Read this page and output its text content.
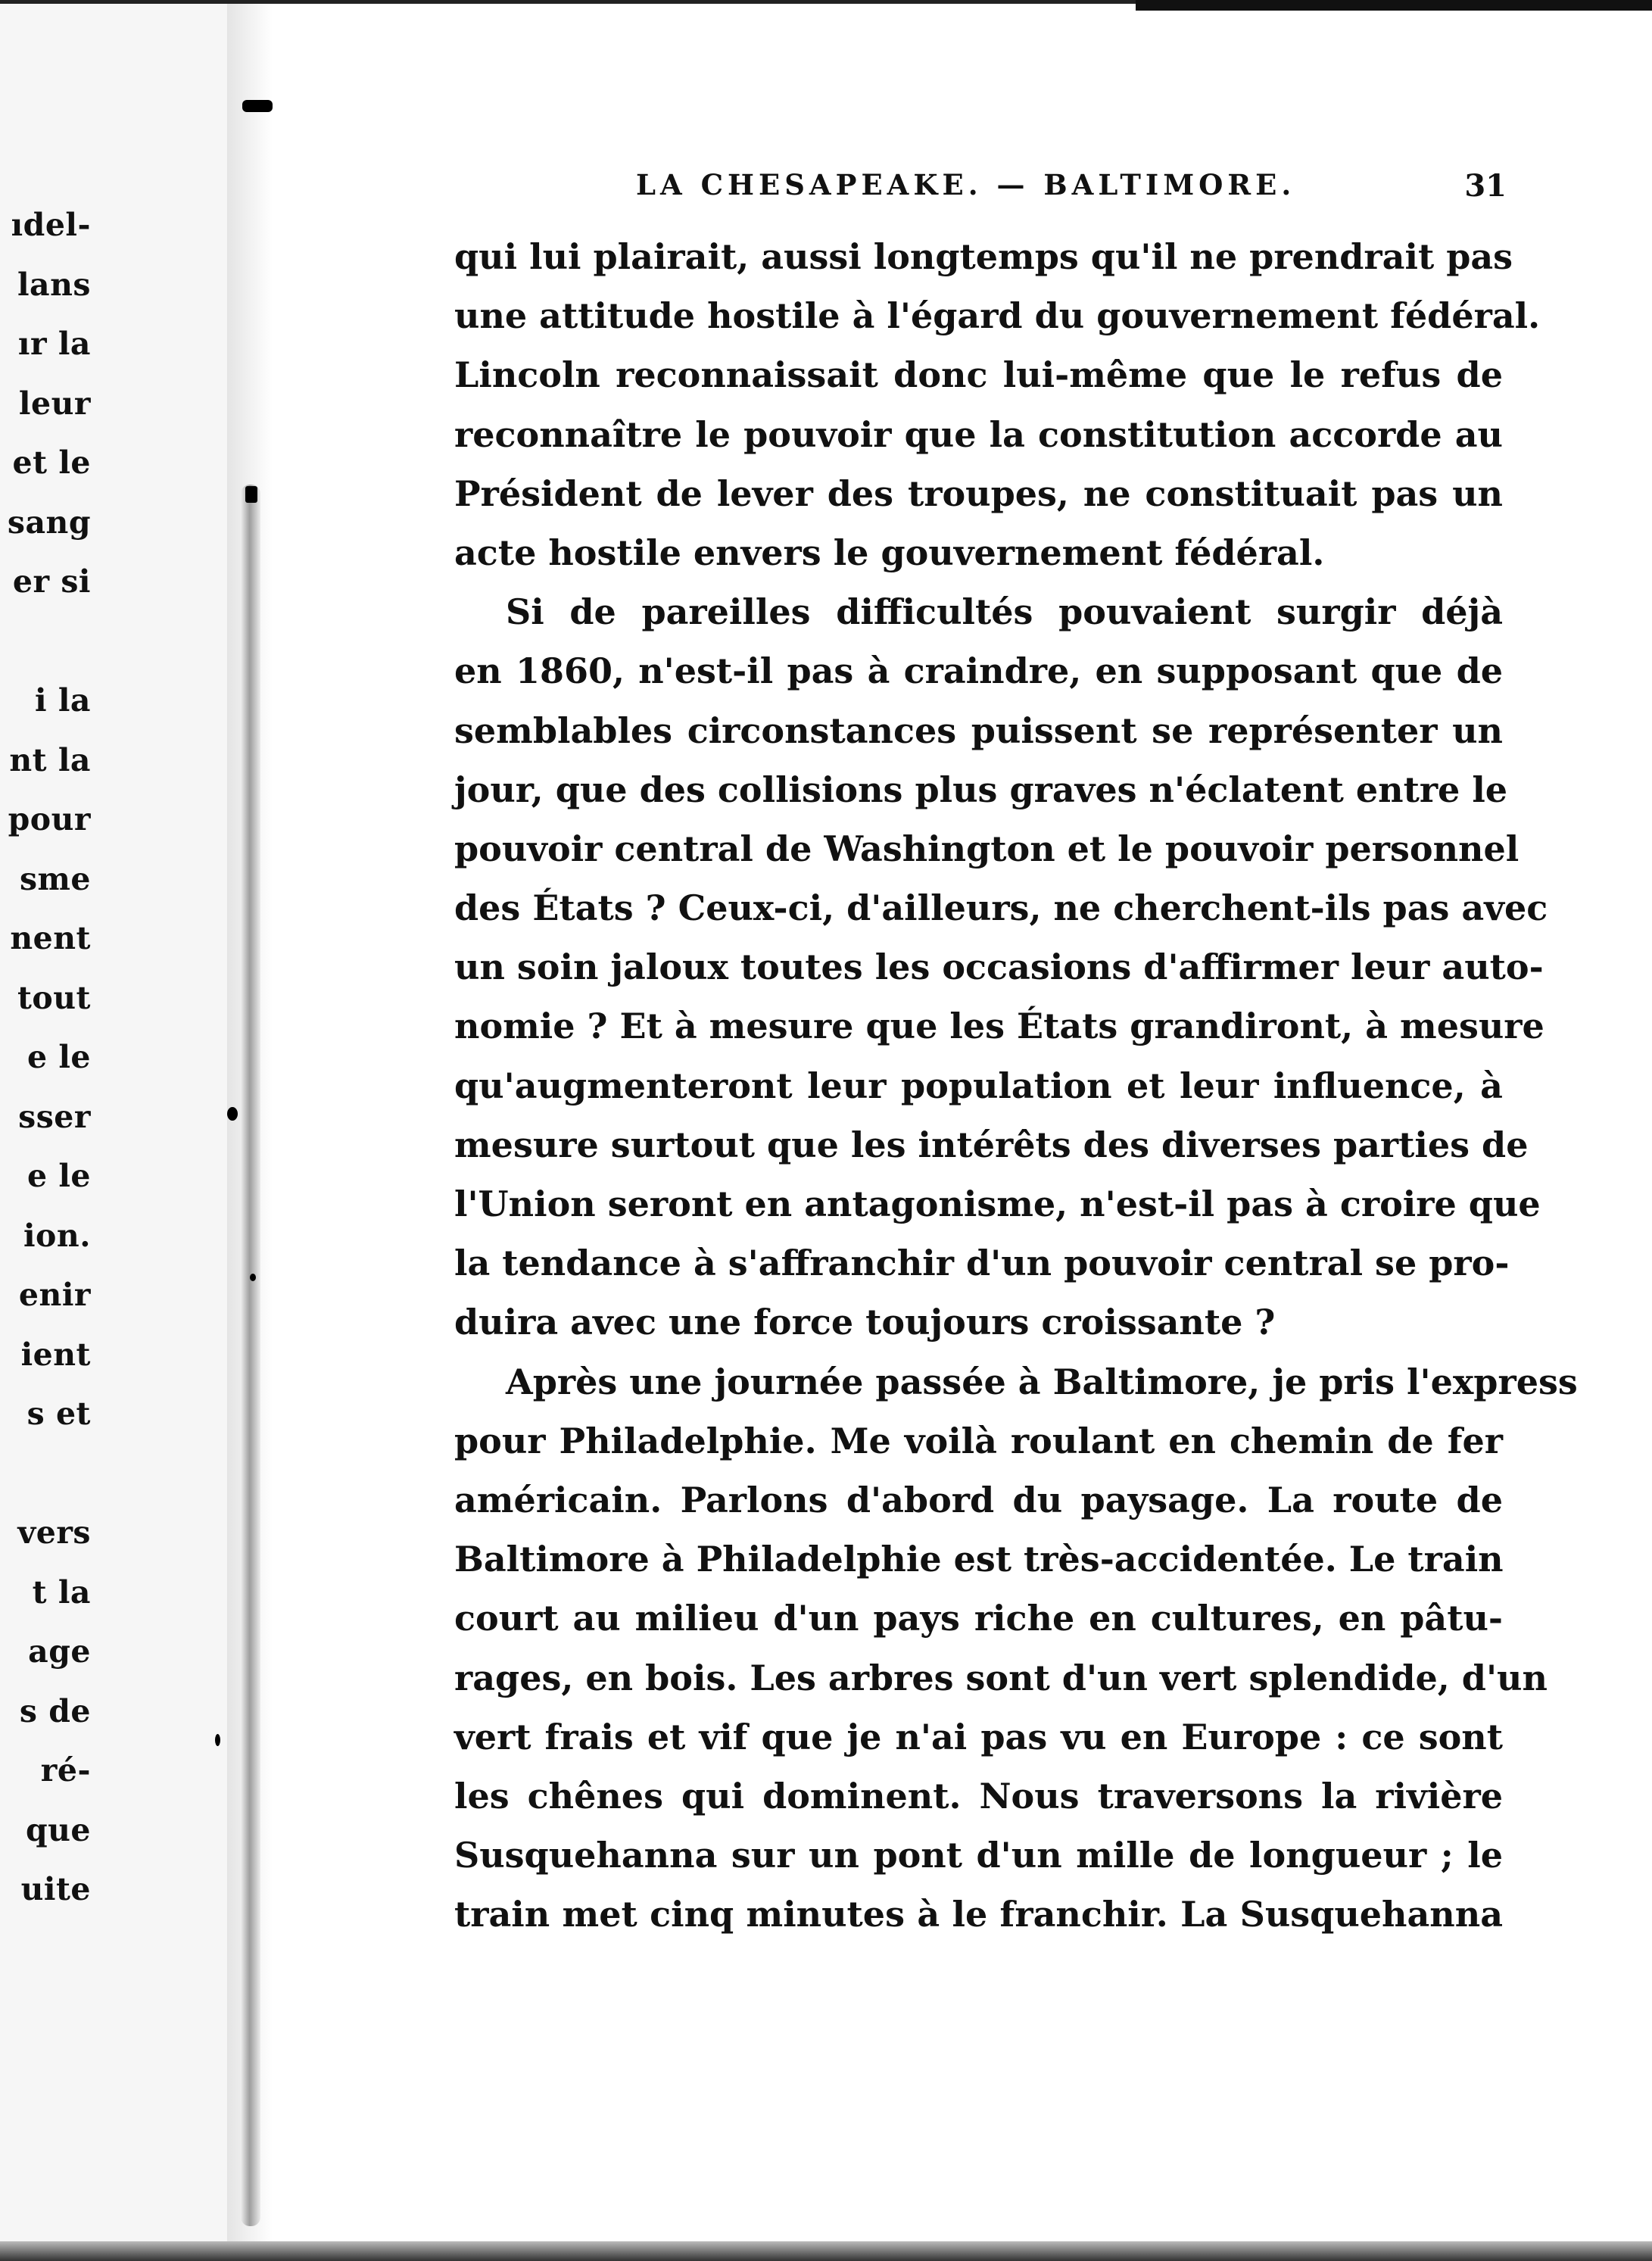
ıdel-
lans
ır la
leur
et le
sang
er si
i la
nt la
pour
sme
nent
tout
e le
sser
e le
ion.
enir
ient
s et
vers
t la
age
s de
ré-
que
uite
LA CHESAPEAKE. — BALTIMORE.	31
qui lui plairait, aussi longtemps qu'il ne prendrait pas
une attitude hostile à l'égard du gouvernement fédéral.
Lincoln reconnaissait donc lui-même que le refus de
reconnaître le pouvoir que la constitution accorde au
Président de lever des troupes, ne constituait pas un
acte hostile envers le gouvernement fédéral.
Si de pareilles difficultés pouvaient surgir déjà
en 1860, n'est-il pas à craindre, en supposant que de
semblables circonstances puissent se représenter un
jour, que des collisions plus graves n'éclatent entre le
pouvoir central de Washington et le pouvoir personnel
des États ? Ceux-ci, d'ailleurs, ne cherchent-ils pas avec
un soin jaloux toutes les occasions d'affirmer leur auto-
nomie ? Et à mesure que les États grandiront, à mesure
qu'augmenteront leur population et leur influence, à
mesure surtout que les intérêts des diverses parties de
l'Union seront en antagonisme, n'est-il pas à croire que
la tendance à s'affranchir d'un pouvoir central se pro-
duira avec une force toujours croissante ?
Après une journée passée à Baltimore, je pris l'express
pour Philadelphie. Me voilà roulant en chemin de fer
américain. Parlons d'abord du paysage. La route de
Baltimore à Philadelphie est très-accidentée. Le train
court au milieu d'un pays riche en cultures, en pâtu-
rages, en bois. Les arbres sont d'un vert splendide, d'un
vert frais et vif que je n'ai pas vu en Europe : ce sont
les chênes qui dominent. Nous traversons la rivière
Susquehanna sur un pont d'un mille de longueur ; le
train met cinq minutes à le franchir. La Susquehanna
